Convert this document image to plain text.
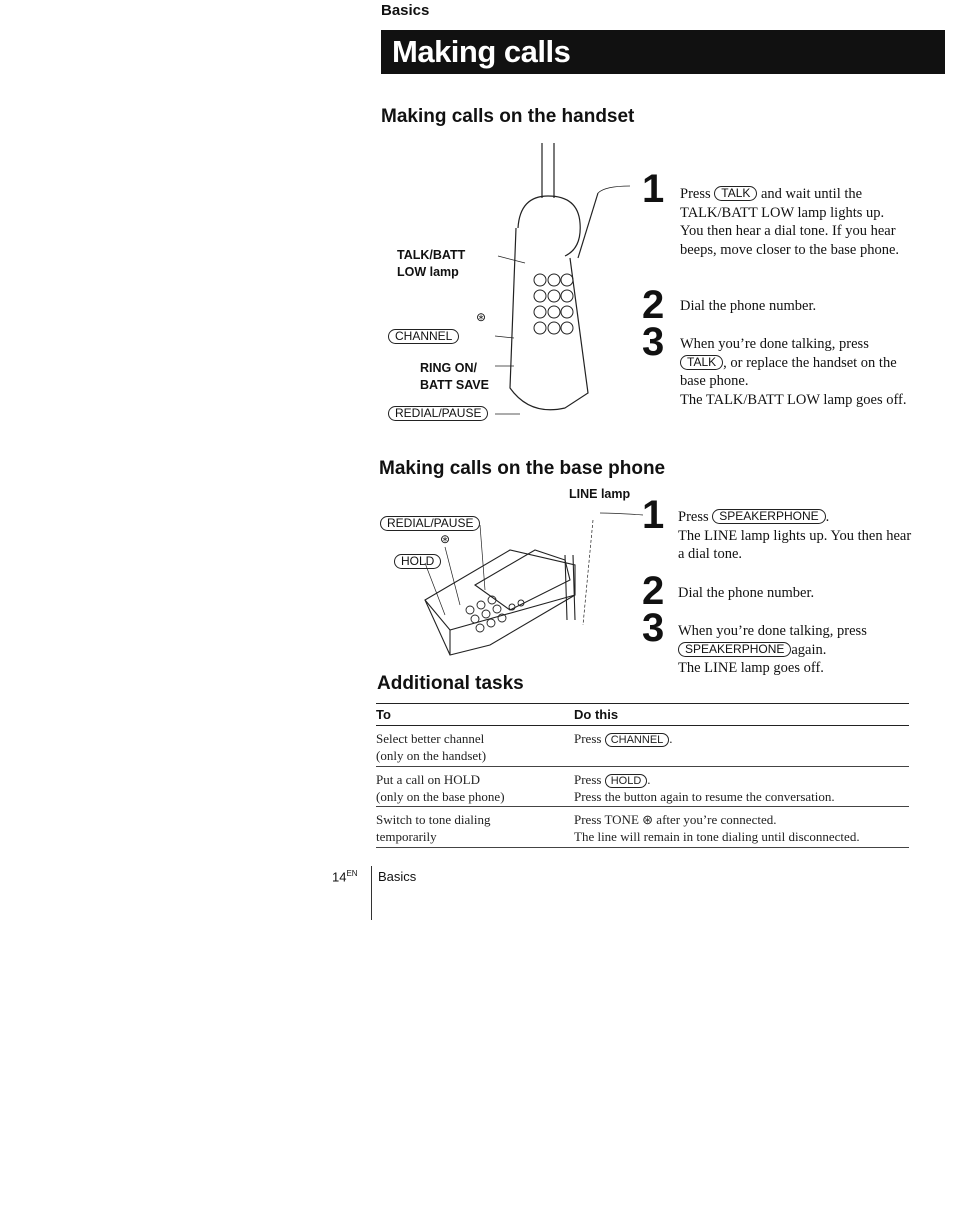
Basics
Making calls
Making calls on the handset
TALK/BATT
LOW lamp
⊛
CHANNEL
RING ON/
BATT SAVE
REDIAL/PAUSE
1 Press TALK and wait until the TALK/BATT LOW lamp lights up. You then hear a dial tone. If you hear beeps, move closer to the base phone.
2 Dial the phone number.
3 When you’re done talking, press TALK , or replace the handset on the base phone.
The TALK/BATT LOW lamp goes off.
Making calls on the base phone
LINE lamp
REDIAL/PAUSE
⊛
HOLD
1 Press SPEAKERPHONE .
The LINE lamp lights up. You then hear a dial tone.
2 Dial the phone number.
3 When you’re done talking, press SPEAKERPHONE again.
The LINE lamp goes off.
Additional tasks
To	Do this
Select better channel
(only on the handset)
Press CHANNEL .
Put a call on HOLD
(only on the base phone)
Press HOLD .
Press the button again to resume the conversation.
Switch to tone dialing
temporarily
Press TONE ⊛ after you’re connected.
The line will remain in tone dialing until disconnected.
$14^{EN}$ Basics
